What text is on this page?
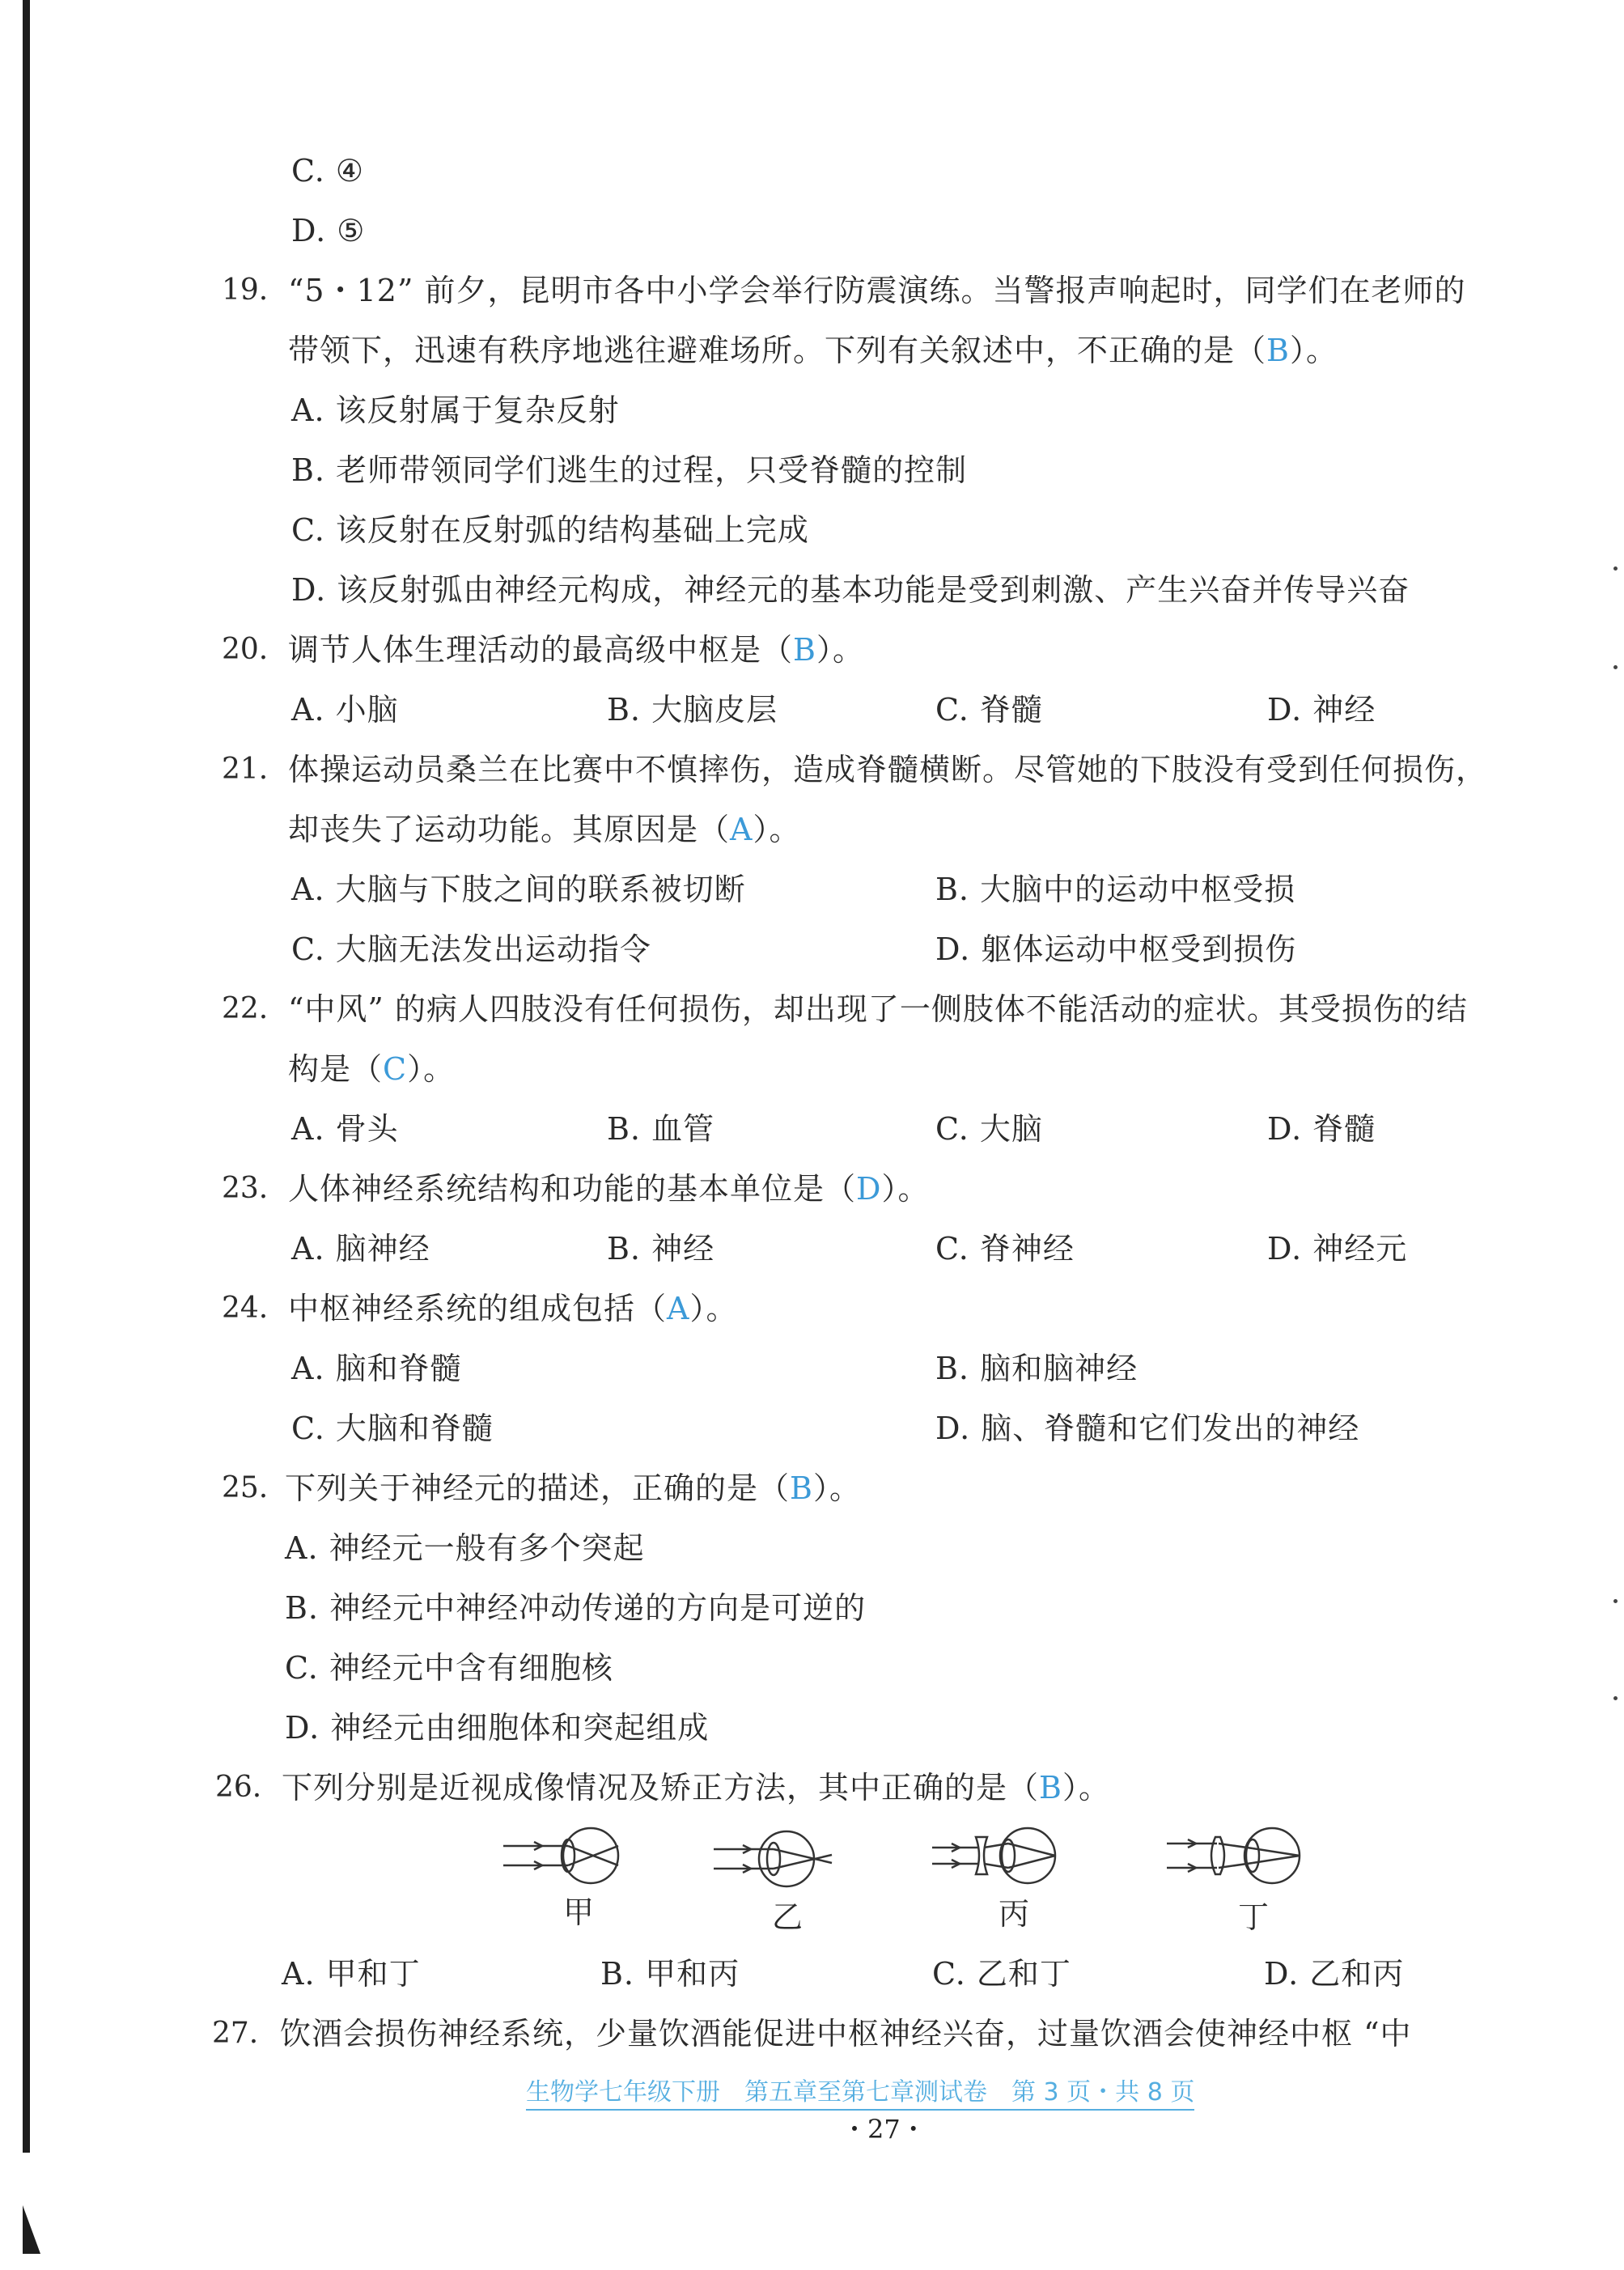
C. ④
D. ⑤
19. “5・12” 前夕，昆明市各中小学会举行防震演练。当警报声响起时，同学们在老师的
带领下，迅速有秩序地逃往避难场所。下列有关叙述中，不正确的是（B）。
A. 该反射属于复杂反射
B. 老师带领同学们逃生的过程，只受脊髓的控制
C. 该反射在反射弧的结构基础上完成
D. 该反射弧由神经元构成，神经元的基本功能是受到刺激、产生兴奋并传导兴奋
20. 调节人体生理活动的最高级中枢是（B）。
A. 小脑	B. 大脑皮层	C. 脊髓	D. 神经
21. 体操运动员桑兰在比赛中不慎摔伤，造成脊髓横断。尽管她的下肢没有受到任何损伤，
却丧失了运动功能。其原因是（A）。
A. 大脑与下肢之间的联系被切断	B. 大脑中的运动中枢受损
C. 大脑无法发出运动指令	D. 躯体运动中枢受到损伤
22. “中风” 的病人四肢没有任何损伤，却出现了一侧肢体不能活动的症状。其受损伤的结
构是（C）。
A. 骨头	B. 血管	C. 大脑	D. 脊髓
23. 人体神经系统结构和功能的基本单位是（D）。
A. 脑神经	B. 神经	C. 脊神经	D. 神经元
24. 中枢神经系统的组成包括（A）。
A. 脑和脊髓	B. 脑和脑神经
C. 大脑和脊髓	D. 脑、脊髓和它们发出的神经
25. 下列关于神经元的描述，正确的是（B）。
A. 神经元一般有多个突起
B. 神经元中神经冲动传递的方向是可逆的
C. 神经元中含有细胞核
D. 神经元由细胞体和突起组成
26. 下列分别是近视成像情况及矫正方法，其中正确的是（B）。
甲	乙	丙	丁
A. 甲和丁	B. 甲和丙	C. 乙和丁	D. 乙和丙
27. 饮酒会损伤神经系统，少量饮酒能促进中枢神经兴奋，过量饮酒会使神经中枢 “中
生物学七年级下册　第五章至第七章测试卷　第 3 页・共 8 页
・27・
